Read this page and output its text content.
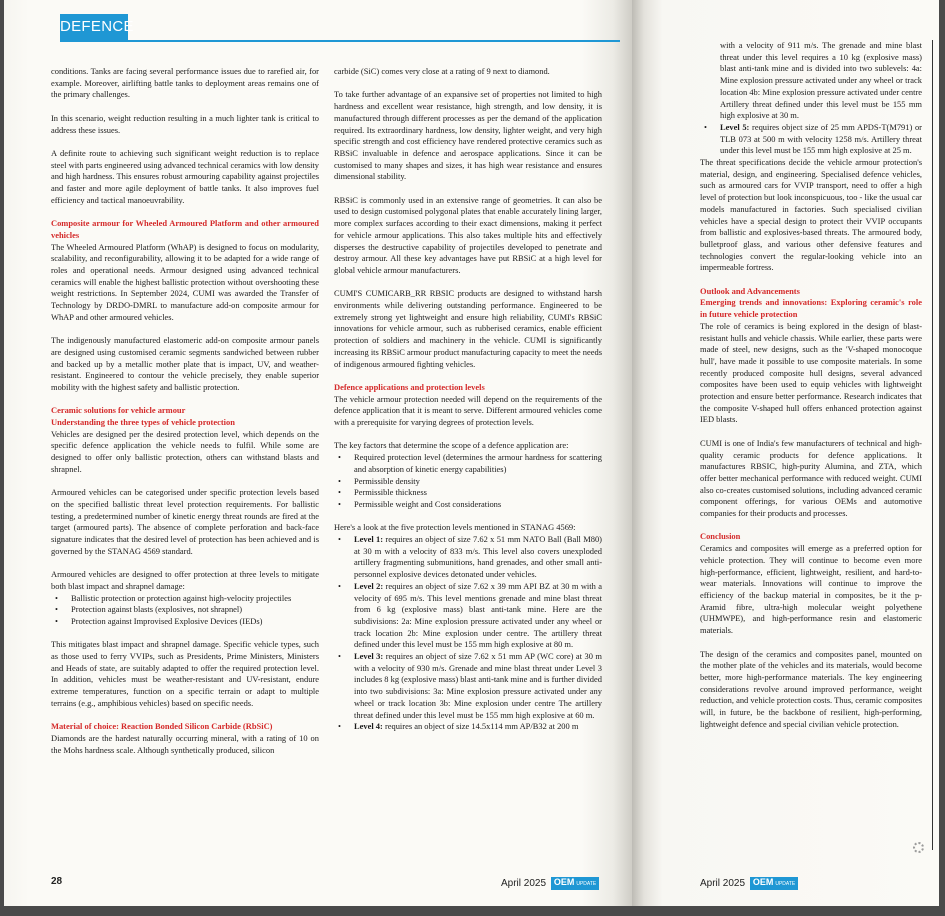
DEFENCE

conditions. Tanks are facing several performance issues due to rarefied air, for example. Moreover, airlifting battle tanks to deployment areas remains one of the primary challenges.

In this scenario, weight reduction resulting in a much lighter tank is critical to address these issues.

A definite route to achieving such significant weight reduction is to replace steel with parts engineered using advanced technical ceramics with low density and high hardness. This ensures robust armouring capability against projectiles and faster and more agile deployment of battle tanks. It also improves fuel efficiency and tactical manoeuvrability.

Composite armour for Wheeled Armoured Platform and other armoured vehicles

The Wheeled Armoured Platform (WhAP) is designed to focus on modularity, scalability, and reconfigurability, allowing it to be adapted for a wide range of roles and operational needs. Armour designed using advanced technical ceramics will enable the highest ballistic protection without overshooting these weight restrictions. In September 2024, CUMI was awarded the Transfer of Technology by DRDO-DMRL to manufacture add-on composite armour for WhAP and other armoured vehicles.

The indigenously manufactured elastomeric add-on composite armour panels are designed using customised ceramic segments sandwiched between rubber and backed up by a metallic mother plate that is impact, UV, and weather-resistant. Engineered to contour the vehicle precisely, they enable superior mobility with the highest safety and ballistic protection.

Ceramic solutions for vehicle armour
Understanding the three types of vehicle protection

Vehicles are designed per the desired protection level, which depends on the specific defence application the vehicle needs to fulfil. While some are designed to offer only ballistic protection, others can withstand blasts and shrapnel.

Armoured vehicles can be categorised under specific protection levels based on the specified ballistic threat level protection requirements. For ballistic testing, a predetermined number of kinetic energy threat rounds are fired at the target (armoured parts). The absence of complete perforation and back-face signature indicates that the desired level of protection has been achieved and is governed by the STANAG 4569 standard.

Armoured vehicles are designed to offer protection at three levels to mitigate both blast impact and shrapnel damage:

• Ballistic protection or protection against high-velocity projectiles
• Protection against blasts (explosives, not shrapnel)
• Protection against Improvised Explosive Devices (IEDs)

This mitigates blast impact and shrapnel damage. Specific vehicle types, such as those used to ferry VVIPs, such as Presidents, Prime Ministers, Ministers and Heads of state, are suitably adapted to offer the required protection level. In addition, vehicles must be weather-resistant and UV-resistant, endure extreme temperatures, function on a specific terrain or adapt to multiple terrains (e.g., amphibious vehicles) based on specific needs.

Material of choice: Reaction Bonded Silicon Carbide (RbSiC)

Diamonds are the hardest naturally occurring mineral, with a rating of 10 on the Mohs hardness scale. Although synthetically produced, silicon

carbide (SiC) comes very close at a rating of 9 next to diamond.

To take further advantage of an expansive set of properties not limited to high hardness and excellent wear resistance, high strength, and low density, it is manufactured through different processes as per the demand of the application required. Its extraordinary hardness, low density, lighter weight, and very high specific strength and cost efficiency have rendered protective ceramics such as RBSiC invaluable in defence and aerospace applications. Since it can be customised to many shapes and sizes, it has high wear resistance and ensures dimensional stability.

RBSiC is commonly used in an extensive range of geometries. It can also be used to design customised polygonal plates that enable accurately lining larger, more complex surfaces according to their exact dimensions, making it perfect for vehicle armour applications. This also takes multiple hits and effectively disperses the destructive capability of projectiles developed to penetrate and destroy armour. All these key advantages have put RBSiC at a high level for global vehicle armour manufacturers.

CUMI'S CUMICARB_RR RBSIC products are designed to withstand harsh environments while delivering outstanding performance. Engineered to be extremely strong yet lightweight and ensure high reliability, CUMI's RBSiC innovations for vehicle armour, such as rubberised ceramics, enable efficient protection of soldiers and machinery in the vehicle. CUMI is significantly increasing its RBSiC armour product manufacturing capacity to meet the needs of indigenous armoured fighting vehicles.

Defence applications and protection levels

The vehicle armour protection needed will depend on the requirements of the defence application that it is meant to serve. Different armoured vehicles come with a prerequisite for varying degrees of protection levels.

The key factors that determine the scope of a defence application are:

• Required protection level (determines the armour hardness for scattering and absorption of kinetic energy capabilities)
• Permissible density
• Permissible thickness
• Permissible weight and Cost considerations

Here's a look at the five protection levels mentioned in STANAG 4569:

• Level 1: requires an object of size 7.62 x 51 mm NATO Ball (Ball M80) at 30 m with a velocity of 833 m/s. This level also covers unexploded artillery fragmenting submunitions, hand grenades, and other small anti-personnel explosive devices detonated under vehicles.
• Level 2: requires an object of size 7.62 x 39 mm API BZ at 30 m with a velocity of 695 m/s. This level mentions grenade and mine blast threat from 6 kg (explosive mass) blast anti-tank mine. Here are the subdivisions: 2a: Mine explosion pressure activated under any wheel or track location 2b: Mine explosion under centre. The artillery threat defined under this level must be 155 mm high explosive at 80 m.
• Level 3: requires an object of size 7.62 x 51 mm AP (WC core) at 30 m with a velocity of 930 m/s. Grenade and mine blast threat under Level 3 includes 8 kg (explosive mass) blast anti-tank mine and is further divided into two subdivisions: 3a: Mine explosion pressure activated under any wheel or track location 3b: Mine explosion under centre The artillery threat defined under this level must be 155 mm high explosive at 60 m.
• Level 4: requires an object of size 14.5x114 mm AP/B32 at 200 m
28	April 2025 OEM UPDATE	April 2025 OEM UPDATE

with a velocity of 911 m/s. The grenade and mine blast threat under this level requires a 10 kg (explosive mass) blast anti-tank mine and is divided into two sublevels: 4a: Mine explosion pressure activated under any wheel or track location 4b: Mine explosion pressure activated under centre Artillery threat defined under this level must be 155 mm high explosive at 30 m.

• Level 5: requires object size of 25 mm APDS-T(M791) or TLB 073 at 500 m with velocity 1258 m/s. Artillery threat under this level must be 155 mm high explosive at 25 m.

The threat specifications decide the vehicle armour protection's material, design, and engineering. Specialised defence vehicles, such as armoured cars for VVIP transport, need to offer a high level of protection but look inconspicuous, too - like the usual car models manufactured in factories. Such specialised civilian vehicles have a special design to protect their VVIP occupants from ballistic and explosives-based threats. The armoured body, bulletproof glass, and various other defensive features and technologies convert the regular-looking vehicle into an impermeable fortress.

Outlook and Advancements
Emerging trends and innovations: Exploring ceramic's role in future vehicle protection

The role of ceramics is being explored in the design of blast-resistant hulls and vehicle chassis. While earlier, these parts were made of steel, new designs, such as the 'V-shaped monocoque hull', have made it possible to use composite materials. In some recently produced composite hull designs, several advanced composites have been used to equip vehicles with lightweight protection and ensure better performance. Research indicates that the composite V-shaped hull offers enhanced protection against IED blasts.

CUMI is one of India's few manufacturers of technical and high-quality ceramic products for defence applications. It manufactures RBSIC, high-purity Alumina, and ZTA, which offer better mechanical performance with reduced weight. CUMI also co-creates customised solutions, including advanced ceramic component offerings, for various OEMs and automotive companies for their products and processes.

Conclusion

Ceramics and composites will emerge as a preferred option for vehicle protection. They will continue to become even more high-performance, efficient, lightweight, resilient, and hard-to-wear materials. Innovations will continue to improve the efficiency of the backup material in composites, be it the p-Aramid fibre, ultra-high molecular weight polyethene (UHMWPE), and high-performance resin and elastomeric materials.

The design of the ceramics and composites panel, mounted on the mother plate of the vehicles and its materials, would become better, more high-performance materials. The key engineering considerations revolve around improved performance, weight reduction, and vehicle protection costs. Thus, ceramic composites will, in future, be the backbone of resilient, high-performing, lightweight defence and special civilian vehicle protection.
